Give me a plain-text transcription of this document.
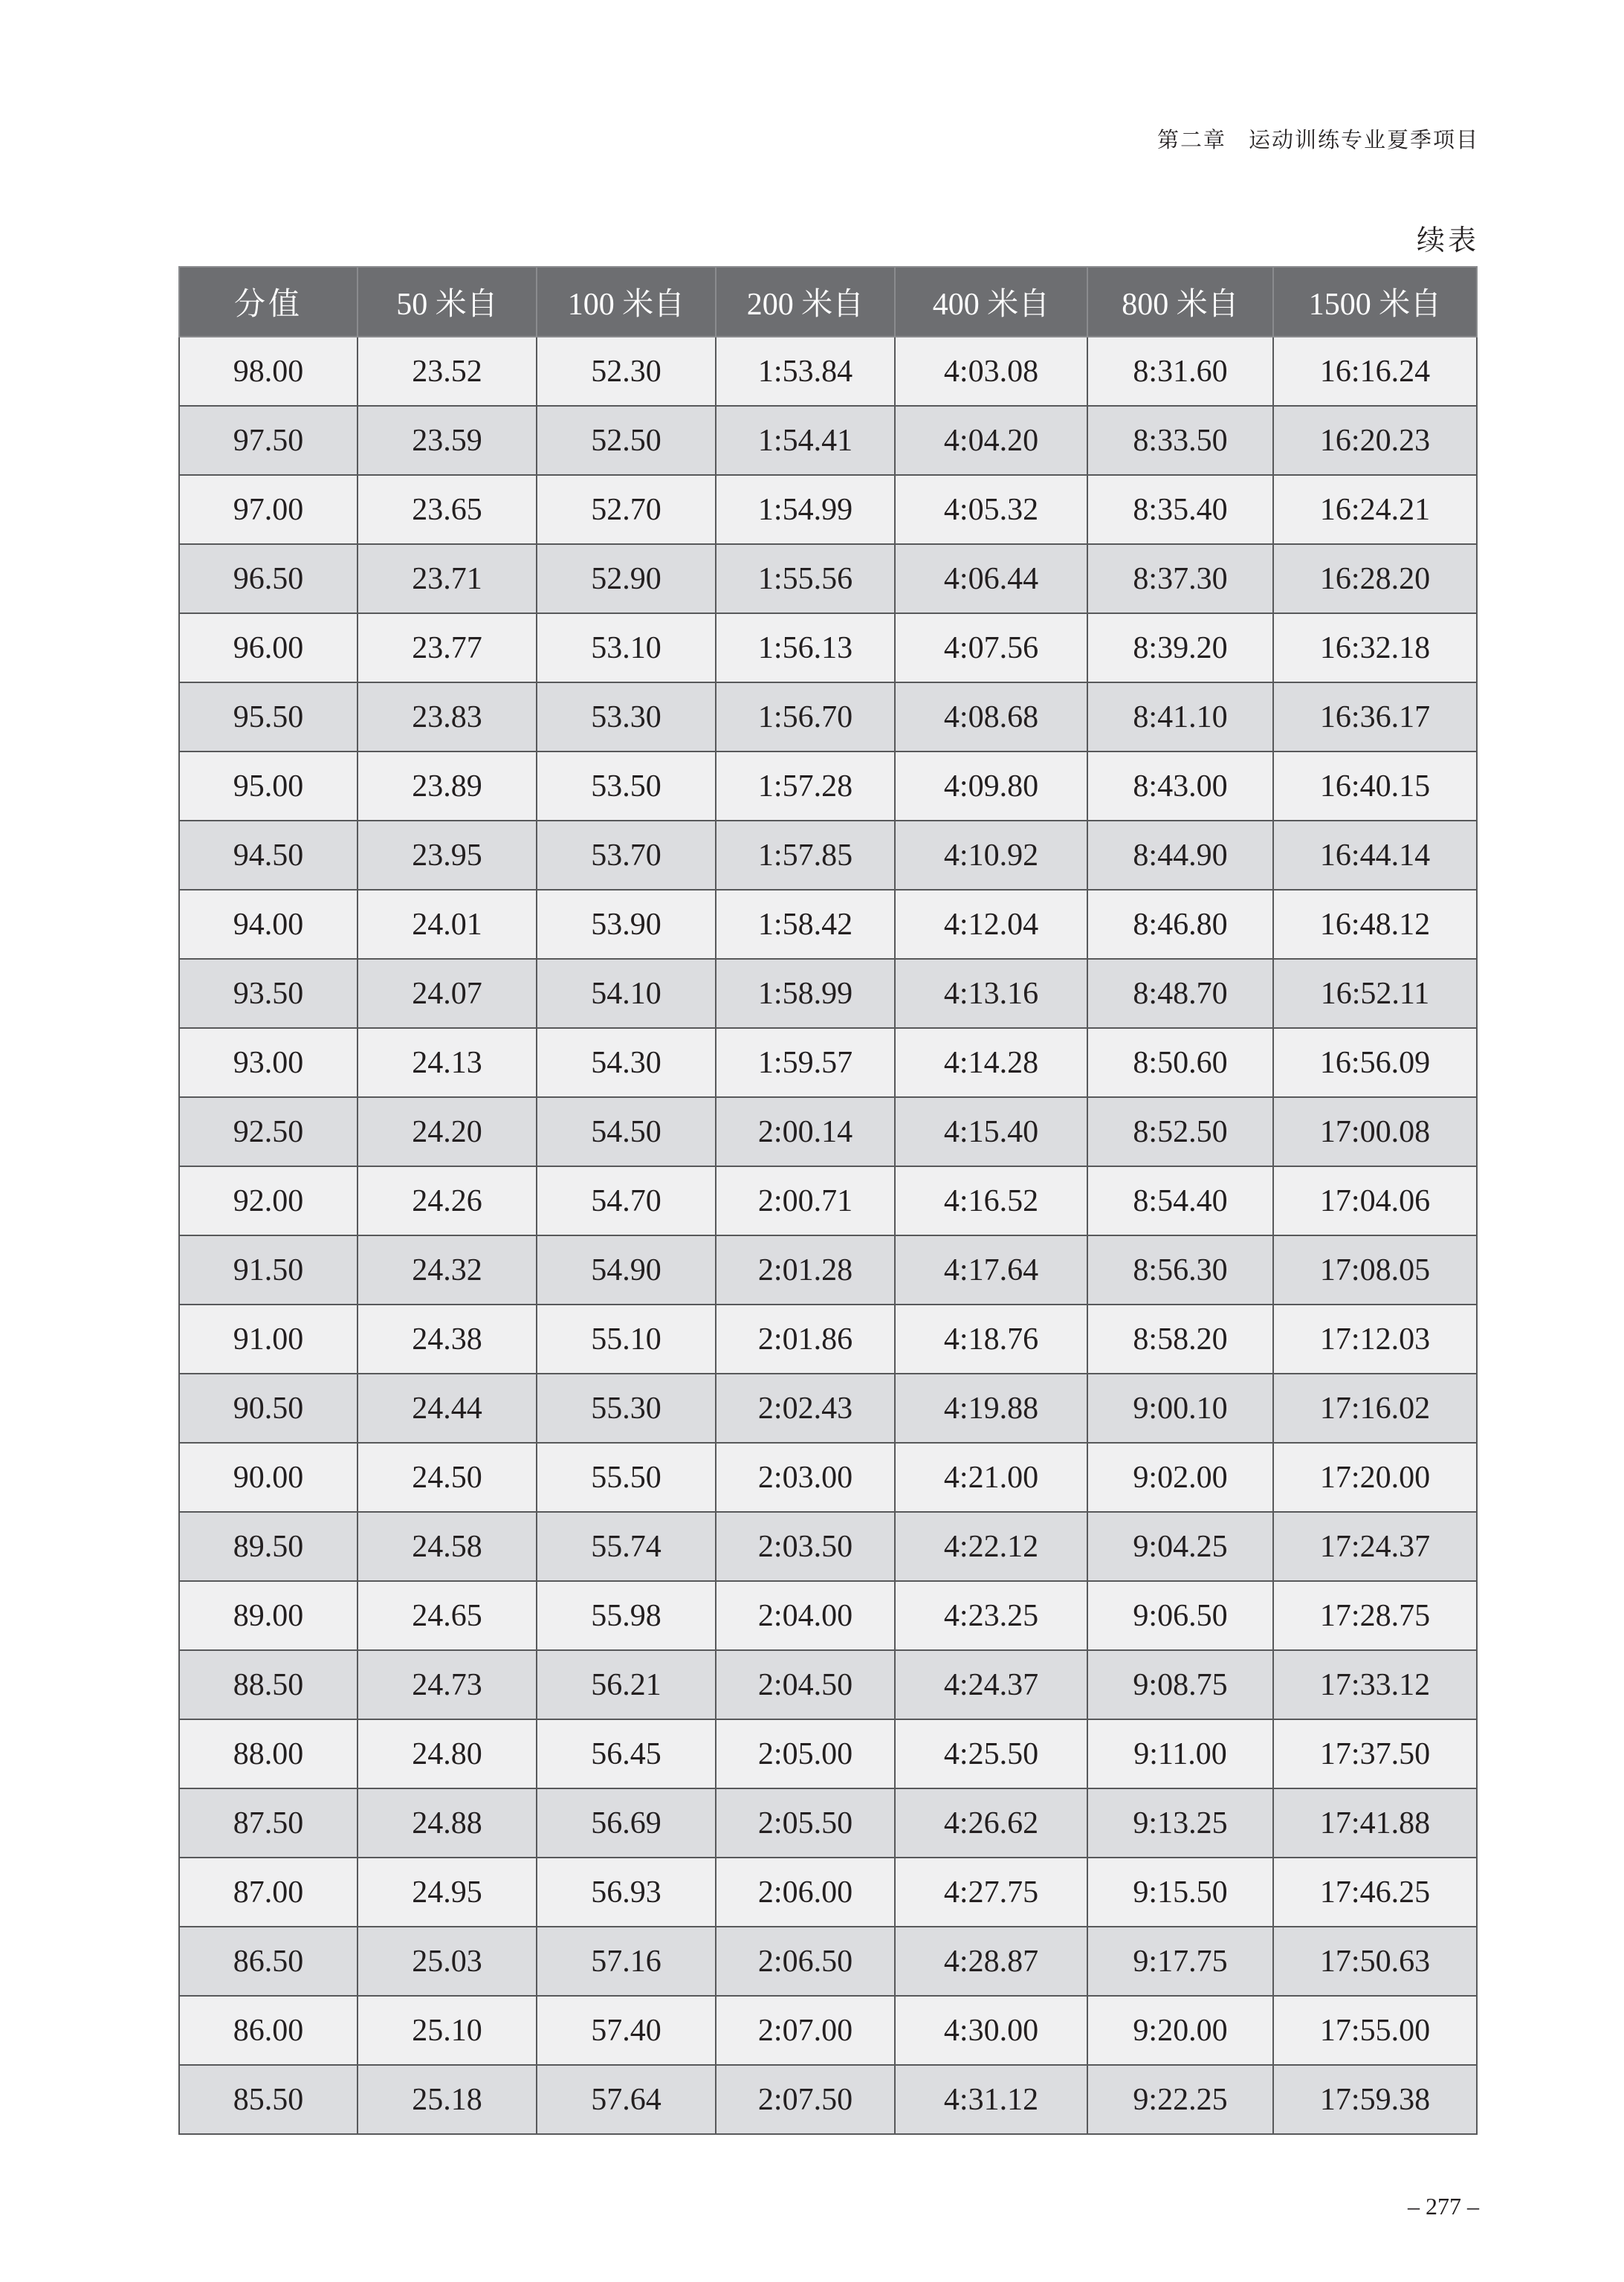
第二章 运动训练专业夏季项目
续表
分值	50 米自	100 米自	200 米自	400 米自	800 米自	1500 米自
98.00	23.52	52.30	1:53.84	4:03.08	8:31.60	16:16.24
97.50	23.59	52.50	1:54.41	4:04.20	8:33.50	16:20.23
97.00	23.65	52.70	1:54.99	4:05.32	8:35.40	16:24.21
96.50	23.71	52.90	1:55.56	4:06.44	8:37.30	16:28.20
96.00	23.77	53.10	1:56.13	4:07.56	8:39.20	16:32.18
95.50	23.83	53.30	1:56.70	4:08.68	8:41.10	16:36.17
95.00	23.89	53.50	1:57.28	4:09.80	8:43.00	16:40.15
94.50	23.95	53.70	1:57.85	4:10.92	8:44.90	16:44.14
94.00	24.01	53.90	1:58.42	4:12.04	8:46.80	16:48.12
93.50	24.07	54.10	1:58.99	4:13.16	8:48.70	16:52.11
93.00	24.13	54.30	1:59.57	4:14.28	8:50.60	16:56.09
92.50	24.20	54.50	2:00.14	4:15.40	8:52.50	17:00.08
92.00	24.26	54.70	2:00.71	4:16.52	8:54.40	17:04.06
91.50	24.32	54.90	2:01.28	4:17.64	8:56.30	17:08.05
91.00	24.38	55.10	2:01.86	4:18.76	8:58.20	17:12.03
90.50	24.44	55.30	2:02.43	4:19.88	9:00.10	17:16.02
90.00	24.50	55.50	2:03.00	4:21.00	9:02.00	17:20.00
89.50	24.58	55.74	2:03.50	4:22.12	9:04.25	17:24.37
89.00	24.65	55.98	2:04.00	4:23.25	9:06.50	17:28.75
88.50	24.73	56.21	2:04.50	4:24.37	9:08.75	17:33.12
88.00	24.80	56.45	2:05.00	4:25.50	9:11.00	17:37.50
87.50	24.88	56.69	2:05.50	4:26.62	9:13.25	17:41.88
87.00	24.95	56.93	2:06.00	4:27.75	9:15.50	17:46.25
86.50	25.03	57.16	2:06.50	4:28.87	9:17.75	17:50.63
86.00	25.10	57.40	2:07.00	4:30.00	9:20.00	17:55.00
85.50	25.18	57.64	2:07.50	4:31.12	9:22.25	17:59.38
– 277 –
